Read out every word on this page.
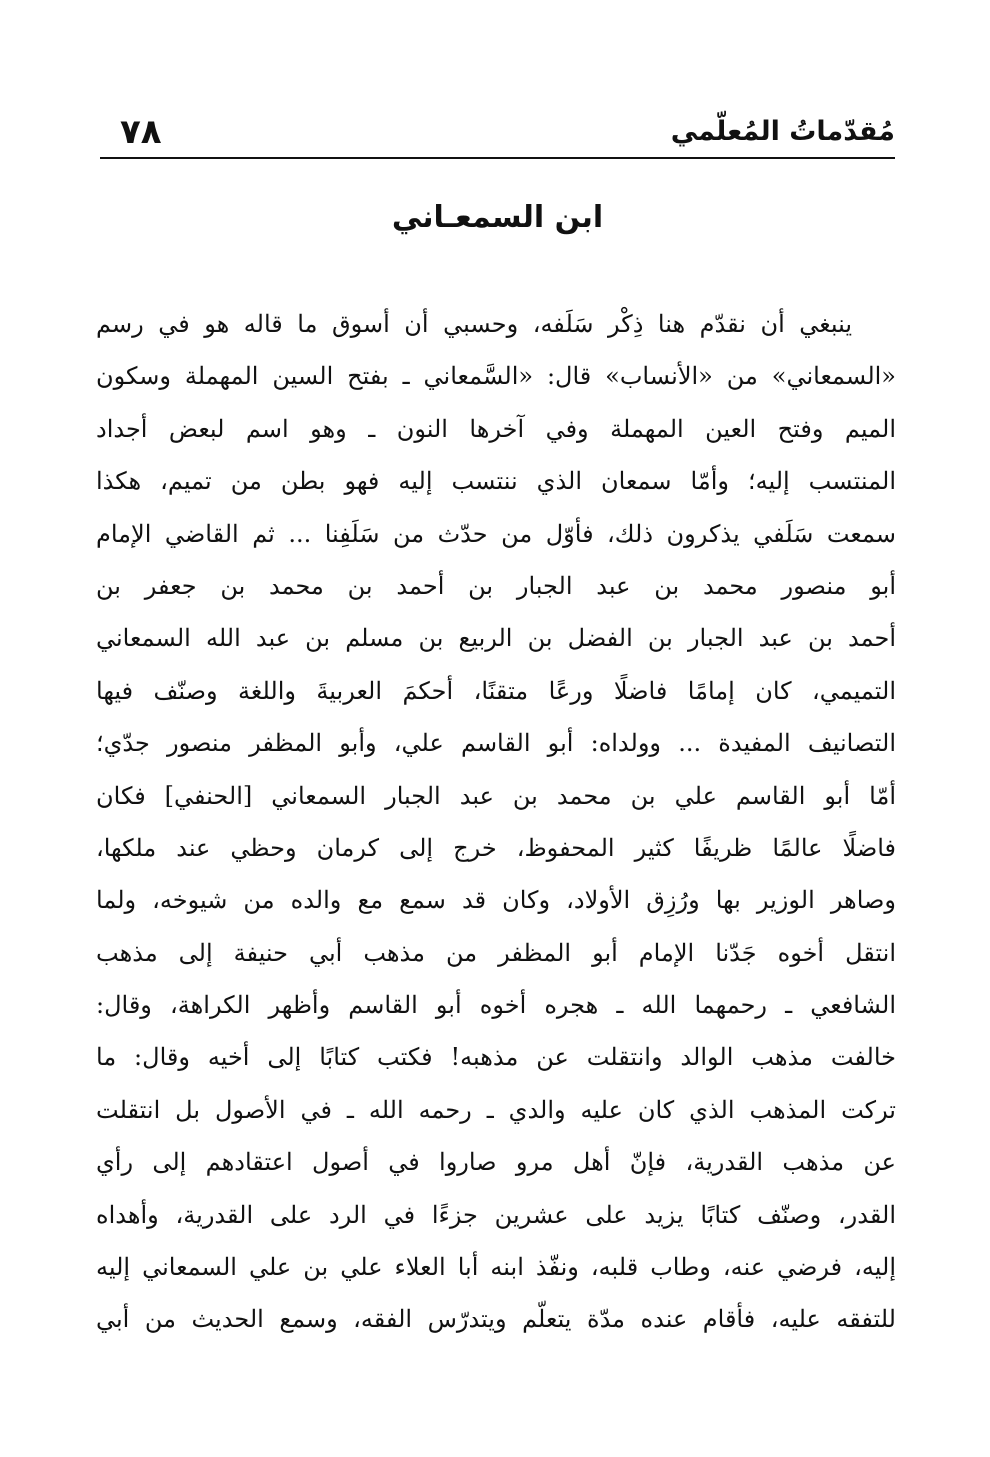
٧٨	مُقدّماتُ المُعلّمي
ابن السمعـاني
ينبغي أن نقدّم هنا ذِكْر سَلَفه، وحسبي أن أسوق ما قاله هو في رسم
«السمعاني» من «الأنساب» قال: «السَّمعاني ـ بفتح السين المهملة وسكون
الميم وفتح العين المهملة وفي آخرها النون ـ وهو اسم لبعض أجداد
المنتسب إليه؛ وأمّا سمعان الذي ننتسب إليه فهو بطن من تميم، هكذا
سمعت سَلَفي يذكرون ذلك، فأوّل من حدّث من سَلَفِنا ... ثم القاضي الإمام
أبو منصور محمد بن عبد الجبار بن أحمد بن محمد بن جعفر بن
أحمد بن عبد الجبار بن الفضل بن الربيع بن مسلم بن عبد الله السمعاني
التميمي، كان إمامًا فاضلًا ورعًا متقنًا، أحكمَ العربيةَ واللغة وصنّف فيها
التصانيف المفيدة ... وولداه: أبو القاسم علي، وأبو المظفر منصور جدّي؛
أمّا أبو القاسم علي بن محمد بن عبد الجبار السمعاني [الحنفي] فكان
فاضلًا عالمًا ظريفًا كثير المحفوظ، خرج إلى كرمان وحظي عند ملكها،
وصاهر الوزير بها ورُزِق الأولاد، وكان قد سمع مع والده من شيوخه، ولما
انتقل أخوه جَدّنا الإمام أبو المظفر من مذهب أبي حنيفة إلى مذهب
الشافعي ـ رحمهما الله ـ هجره أخوه أبو القاسم وأظهر الكراهة، وقال:
خالفت مذهب الوالد وانتقلت عن مذهبه! فكتب كتابًا إلى أخيه وقال: ما
تركت المذهب الذي كان عليه والدي ـ رحمه الله ـ في الأصول بل انتقلت
عن مذهب القدرية، فإنّ أهل مرو صاروا في أصول اعتقادهم إلى رأي
القدر، وصنّف كتابًا يزيد على عشرين جزءًا في الرد على القدرية، وأهداه
إليه، فرضي عنه، وطاب قلبه، ونفّذ ابنه أبا العلاء علي بن علي السمعاني إليه
للتفقه عليه، فأقام عنده مدّة يتعلّم ويتدرّس الفقه، وسمع الحديث من أبي
